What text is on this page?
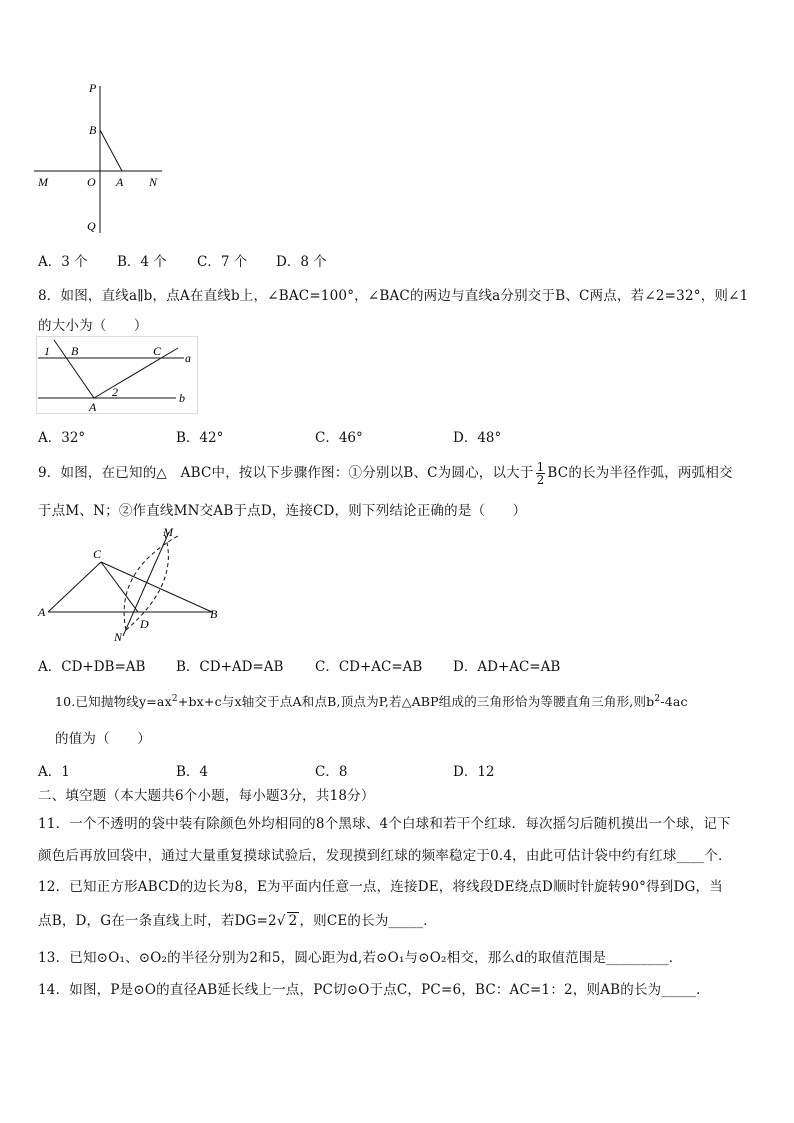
P
B
M	O A N
Q
A．3 个 B．4 个 C．7 个 D．8 个
8．如图，直线a∥b，点A在直线b上，∠BAC=100°，∠BAC的两边与直线a分别交于B、C两点，若∠2=32°，则∠1
的大小为（　　）
1 B	C a
2
A
b
A．32°	B．42°	C．46°	D．48°
9．如图，在已知的△　ABC中，按以下步骤作图：①分别以B、C为圆心，以大于 $\frac{1}{2}$ BC的长为半径作弧，两弧相交
于点M、N；②作直线MN交AB于点D，连接CD，则下列结论正确的是（　　）
C
M
A
D
B
N
A．CD+DB=AB B．CD+AD=AB C．CD+AC=AB D．AD+AC=AB
10.已知抛物线$y=ax^2+bx+c$与x轴交于点A和点B,顶点为P,若△ABP组成的三角形恰为等腰直角三角形,则$b^2-4ac$
的值为（　　）
A．1	B．4	C．8	D．12
二、填空题（本大题共6个小题，每小题3分，共18分）
11．一个不透明的袋中装有除颜色外均相同的8个黑球、4个白球和若干个红球．每次摇匀后随机摸出一个球，记下
颜色后再放回袋中，通过大量重复摸球试验后，发现摸到红球的频率稳定于0.4，由此可估计袋中约有红球____个．
12．已知正方形ABCD的边长为8，E为平面内任意一点，连接DE，将线段DE绕点D顺时针旋转90°得到DG，当
点B，D，G在一条直线上时，若DG=2√ 2 ，则CE的长为_____．
13．已知⊙O₁、⊙O₂的半径分别为2和5，圆心距为d,若⊙O₁与⊙O₂相交，那么d的取值范围是_________．
14．如图，P是⊙O的直径AB延长线上一点，PC切⊙O于点C，PC=6，BC：AC=1：2，则AB的长为_____．
